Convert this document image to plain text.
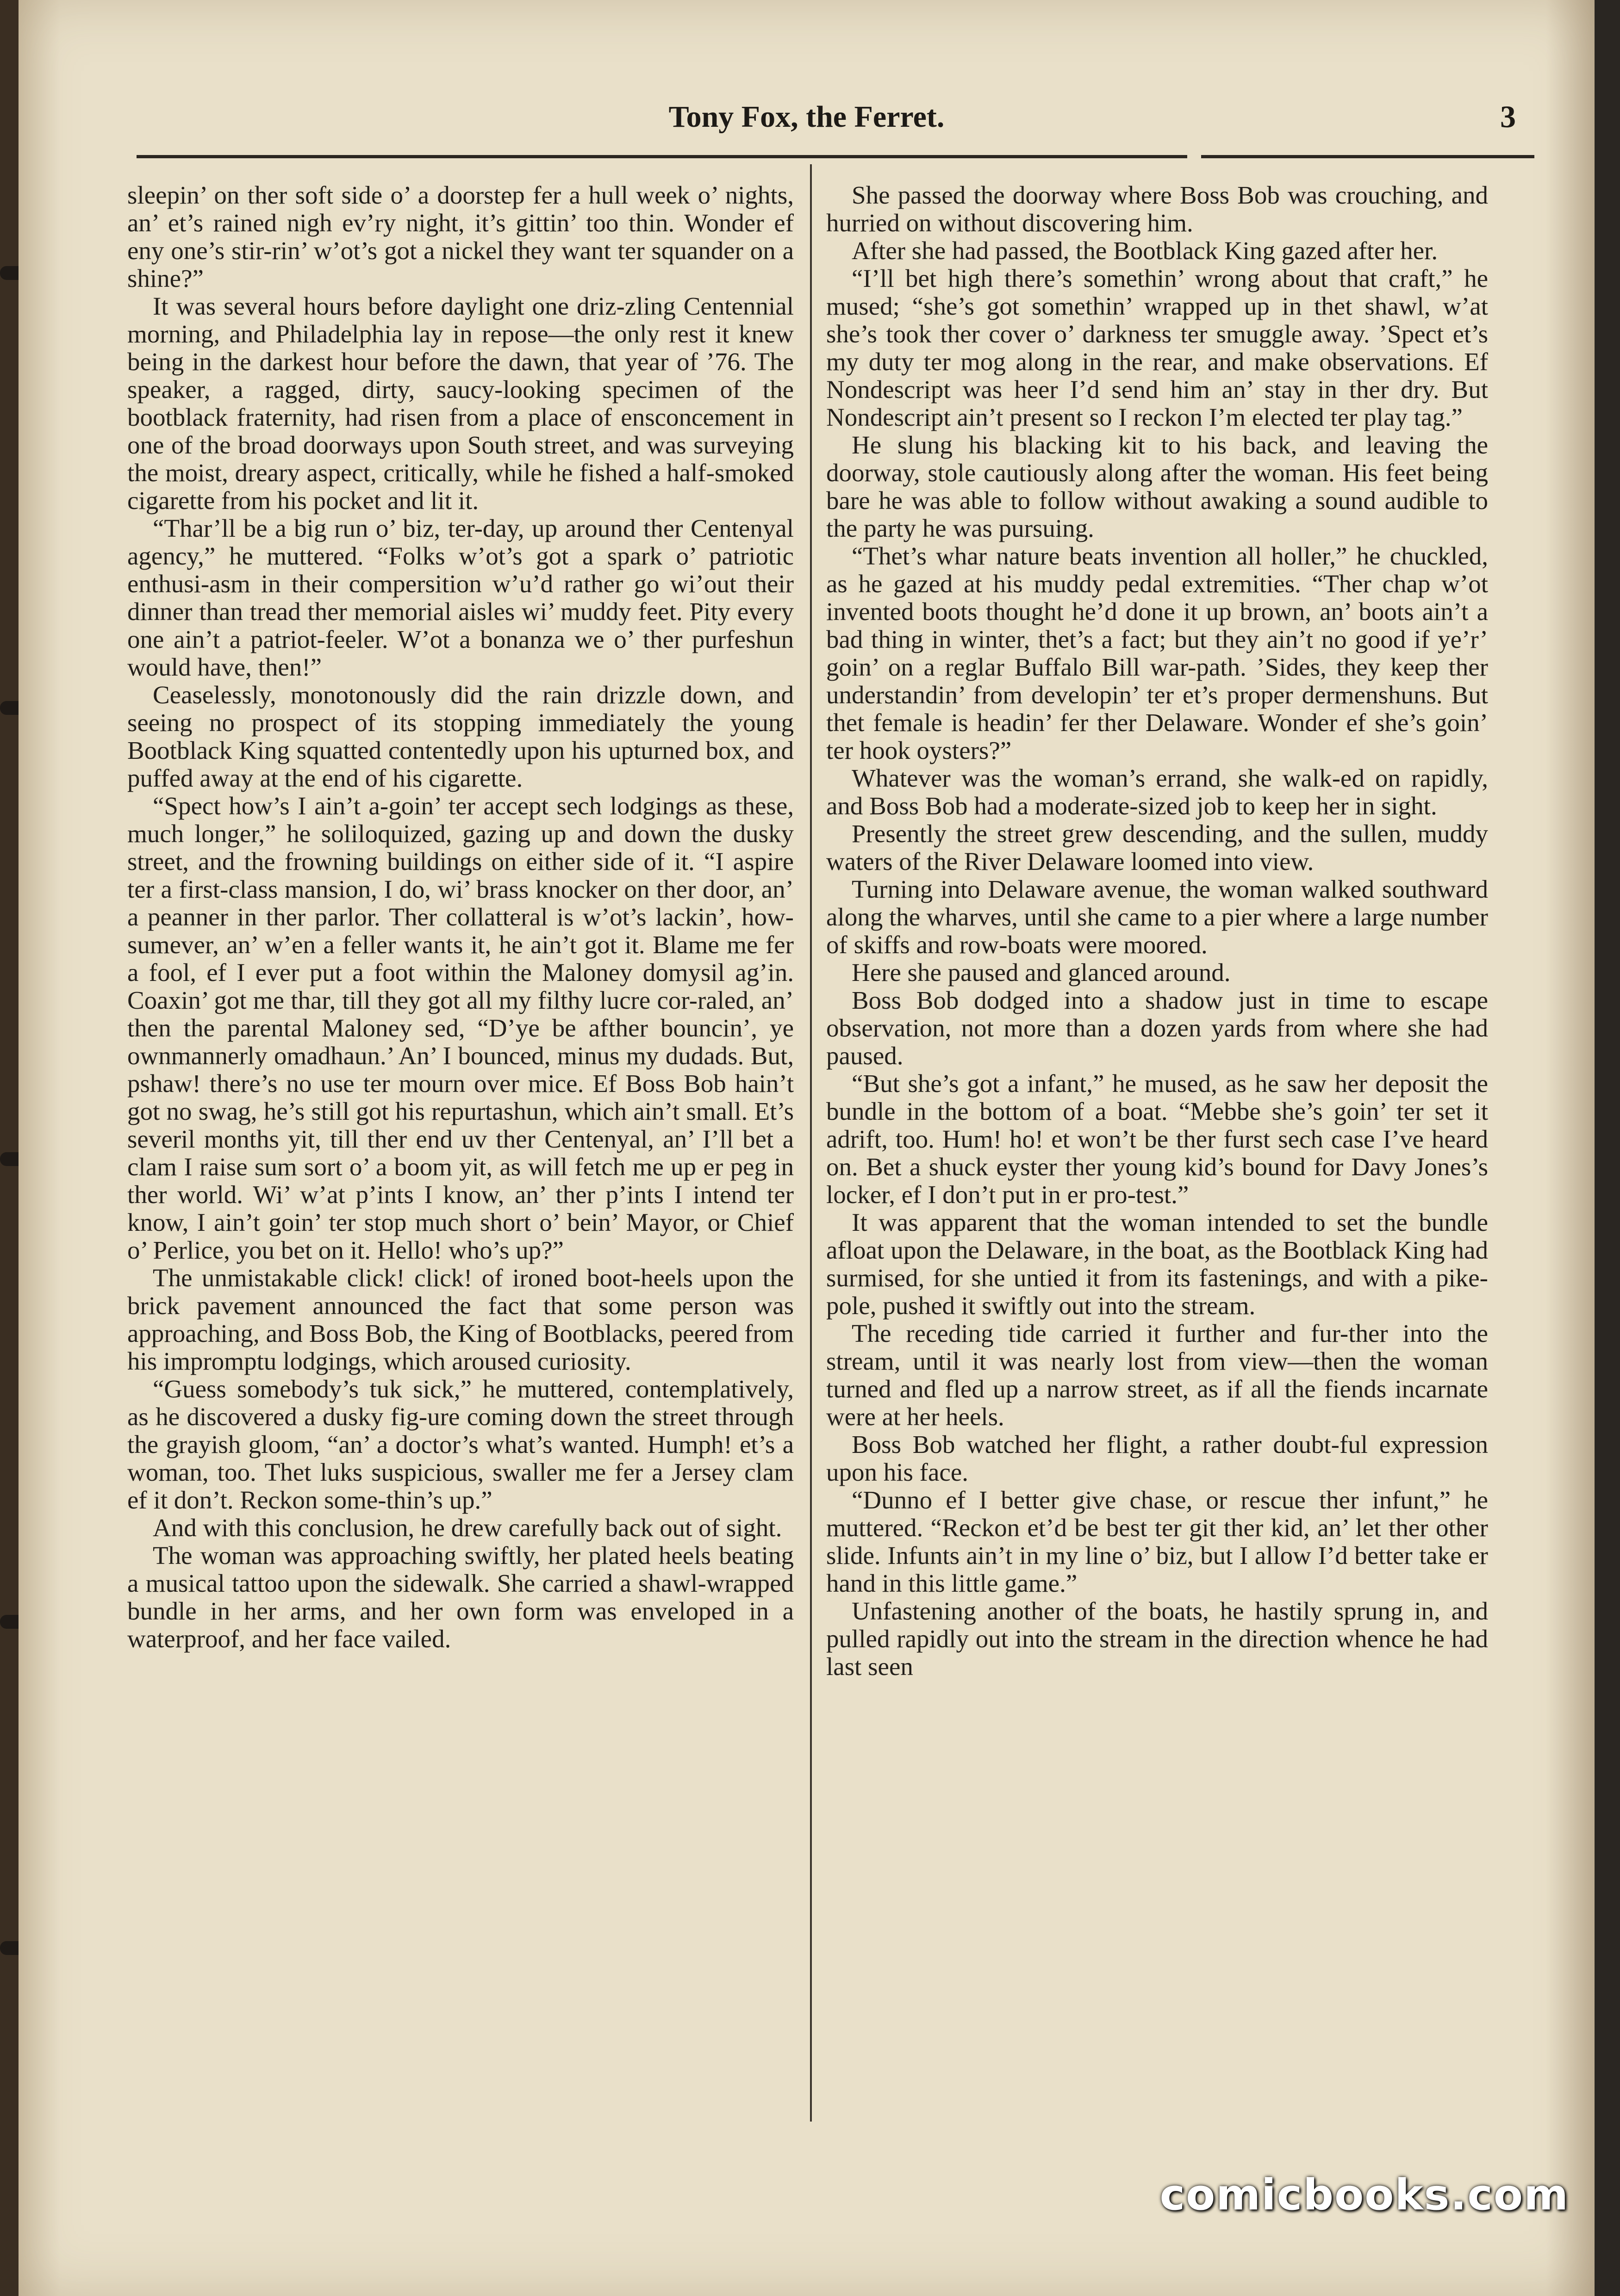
Tony Fox, the Ferret.	3

sleepin’ on ther soft side o’ a doorstep fer a hull week o’ nights, an’ et’s rained nigh ev’ry night, it’s gittin’ too thin. Wonder ef eny one’s stir-rin’ w’ot’s got a nickel they want ter squander on a shine?”

It was several hours before daylight one driz-zling Centennial morning, and Philadelphia lay in repose—the only rest it knew being in the darkest hour before the dawn, that year of ’76. The speaker, a ragged, dirty, saucy-looking specimen of the bootblack fraternity, had risen from a place of ensconcement in one of the broad doorways upon South street, and was surveying the moist, dreary aspect, critically, while he fished a half-smoked cigarette from his pocket and lit it.

“Thar’ll be a big run o’ biz, ter-day, up around ther Centenyal agency,” he muttered. “Folks w’ot’s got a spark o’ patriotic enthusi-asm in their compersition w’u’d rather go wi’out their dinner than tread ther memorial aisles wi’ muddy feet. Pity every one ain’t a patriot-feeler. W’ot a bonanza we o’ ther purfeshun would have, then!”

Ceaselessly, monotonously did the rain drizzle down, and seeing no prospect of its stopping immediately the young Bootblack King squatted contentedly upon his upturned box, and puffed away at the end of his cigarette.

“Spect how’s I ain’t a-goin’ ter accept sech lodgings as these, much longer,” he soliloquized, gazing up and down the dusky street, and the frowning buildings on either side of it. “I aspire ter a first-class mansion, I do, wi’ brass knocker on ther door, an’ a peanner in ther parlor. Ther collatteral is w’ot’s lackin’, how-sumever, an’ w’en a feller wants it, he ain’t got it. Blame me fer a fool, ef I ever put a foot within the Maloney domysil ag’in. Coaxin’ got me thar, till they got all my filthy lucre cor-raled, an’ then the parental Maloney sed, “D’ye be afther bouncin’, ye ownmannerly omadhaun.’ An’ I bounced, minus my dudads. But, pshaw! there’s no use ter mourn over mice. Ef Boss Bob hain’t got no swag, he’s still got his repurtashun, which ain’t small. Et’s severil months yit, till ther end uv ther Centenyal, an’ I’ll bet a clam I raise sum sort o’ a boom yit, as will fetch me up er peg in ther world. Wi’ w’at p’ints I know, an’ ther p’ints I intend ter know, I ain’t goin’ ter stop much short o’ bein’ Mayor, or Chief o’ Perlice, you bet on it. Hello! who’s up?”

The unmistakable click! click! of ironed boot-heels upon the brick pavement announced the fact that some person was approaching, and Boss Bob, the King of Bootblacks, peered from his impromptu lodgings, which aroused curiosity.

“Guess somebody’s tuk sick,” he muttered, contemplatively, as he discovered a dusky fig-ure coming down the street through the grayish gloom, “an’ a doctor’s what’s wanted. Humph! et’s a woman, too. Thet luks suspicious, swaller me fer a Jersey clam ef it don’t. Reckon some-thin’s up.”

And with this conclusion, he drew carefully back out of sight.

The woman was approaching swiftly, her plated heels beating a musical tattoo upon the sidewalk. She carried a shawl-wrapped bundle in her arms, and her own form was enveloped in a waterproof, and her face vailed.

She passed the doorway where Boss Bob was crouching, and hurried on without discovering him.

After she had passed, the Bootblack King gazed after her.

“I’ll bet high there’s somethin’ wrong about that craft,” he mused; “she’s got somethin’ wrapped up in thet shawl, w’at she’s took ther cover o’ darkness ter smuggle away. ’Spect et’s my duty ter mog along in the rear, and make observations. Ef Nondescript was heer I’d send him an’ stay in ther dry. But Nondescript ain’t present so I reckon I’m elected ter play tag.”

He slung his blacking kit to his back, and leaving the doorway, stole cautiously along after the woman. His feet being bare he was able to follow without awaking a sound audible to the party he was pursuing.

“Thet’s whar nature beats invention all holler,” he chuckled, as he gazed at his muddy pedal extremities. “Ther chap w’ot invented boots thought he’d done it up brown, an’ boots ain’t a bad thing in winter, thet’s a fact; but they ain’t no good if ye’r’ goin’ on a reglar Buffalo Bill war-path. ’Sides, they keep ther understandin’ from developin’ ter et’s proper dermenshuns. But thet female is headin’ fer ther Delaware. Wonder ef she’s goin’ ter hook oysters?”

Whatever was the woman’s errand, she walk-ed on rapidly, and Boss Bob had a moderate-sized job to keep her in sight.

Presently the street grew descending, and the sullen, muddy waters of the River Delaware loomed into view.

Turning into Delaware avenue, the woman walked southward along the wharves, until she came to a pier where a large number of skiffs and row-boats were moored.

Here she paused and glanced around.

Boss Bob dodged into a shadow just in time to escape observation, not more than a dozen yards from where she had paused.

“But she’s got a infant,” he mused, as he saw her deposit the bundle in the bottom of a boat. “Mebbe she’s goin’ ter set it adrift, too. Hum! ho! et won’t be ther furst sech case I’ve heard on. Bet a shuck eyster ther young kid’s bound for Davy Jones’s locker, ef I don’t put in er pro-test.”

It was apparent that the woman intended to set the bundle afloat upon the Delaware, in the boat, as the Bootblack King had surmised, for she untied it from its fastenings, and with a pike-pole, pushed it swiftly out into the stream.

The receding tide carried it further and fur-ther into the stream, until it was nearly lost from view—then the woman turned and fled up a narrow street, as if all the fiends incarnate were at her heels.

Boss Bob watched her flight, a rather doubt-ful expression upon his face.

“Dunno ef I better give chase, or rescue ther infunt,” he muttered. “Reckon et’d be best ter git ther kid, an’ let ther other slide. Infunts ain’t in my line o’ biz, but I allow I’d better take er hand in this little game.”

Unfastening another of the boats, he hastily sprung in, and pulled rapidly out into the stream in the direction whence he had last seen

comicbooks.com
